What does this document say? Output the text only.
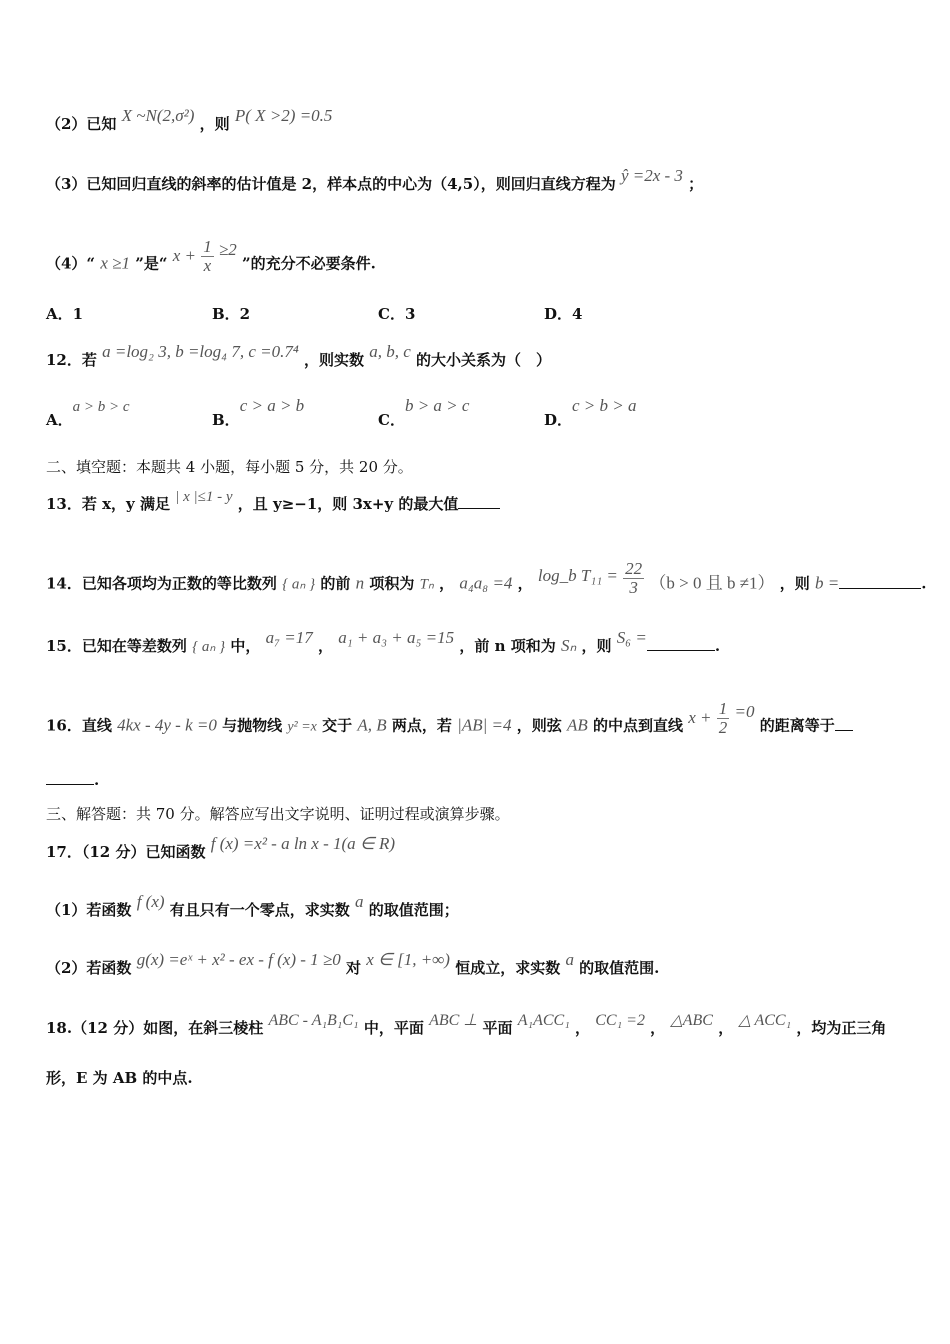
（2）已知 X ~N(2,σ²) ，则 P( X >2) =0.5
（3）已知回归直线的斜率的估计值是 2，样本点的中心为（4,5），则回归直线方程为 ŷ =2x - 3 ；
（4）“ x ≥1 ”是“ $x + \frac{1}{x} \ge 2$ ”的充分不必要条件.
A．1	B．2	C．3	D．4
12．若 a =log₂ 3, b =log₄ 7, c =0.7⁴ ，则实数 a, b, c 的大小关系为（　）
A．a > b > c
B．c > a > b
C．b > a > c
D．c > b > a
二、填空题：本题共 4 小题，每小题 5 分，共 20 分。
13．若 x，y 满足 | x |≤1 - y ，且 y≥−1，则 3x+y 的最大值
14．已知各项均为正数的等比数列 { aₙ } 的前 n 项积为 Tₙ ， a₄a₈ =4 ， log_b $T_{11} = \frac{22}{3} (b > 0$ 且 b ≠1） ，则 b =	.
15．已知在等差数列 { aₙ } 中， a₇ =17 ， a₁ + a₃ + a₅ =15 ，前 n 项和为 Sₙ ，则 S₆ =	.
16．直线 4kx - 4y - k =0 与抛物线 y² =x 交于 A, B 两点，若 |AB| =4 ，则弦 AB 的中点到直线 $x + \frac{1}{2} =0$ 的距离等于
.
三、解答题：共 70 分。解答应写出文字说明、证明过程或演算步骤。
17．（12 分）已知函数 f (x) =x² - a ln x - 1(a ∈ R)
（1）若函数 f (x) 有且只有一个零点，求实数 a 的取值范围；
（2）若函数 g(x) =eˣ + x² - ex - f (x) - 1 ≥0 对 x ∈ [1, +∞) 恒成立，求实数 a 的取值范围.
18.（12 分）如图，在斜三棱柱 ABC - A₁B₁C₁ 中，平面 ABC ⊥ 平面 A₁ACC₁ ， CC₁ =2 ， △ABC ， △ ACC₁ ，均为正三角
形，E 为 AB 的中点.
